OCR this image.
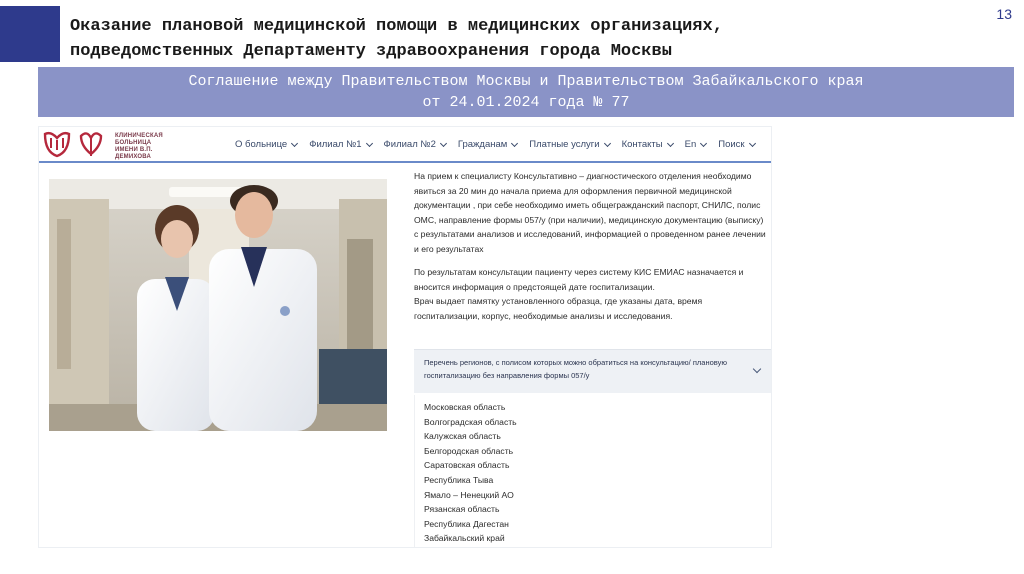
Оказание плановой медицинской помощи в медицинских организациях,
подведомственных Департаменту здравоохранения города Москвы
13
Соглашение между Правительством Москвы и Правительством Забайкальского края
от 24.01.2024 года № 77
КЛИНИЧЕСКАЯ
БОЛЬНИЦА
ИМЕНИ В.П. ДЕМИХОВА
О больнице Филиал №1 Филиал №2 Гражданам Платные услуги Контакты En Поиск

На прием к специалисту Консультативно – диагностического отделения необходимо явиться за 20 мин до начала приема для оформления первичной медицинской документации , при себе необходимо иметь общегражданский паспорт, СНИЛС, полис ОМС, направление формы 057/у (при наличии), медицинскую документацию (выписку) с результатами анализов и исследований, информацией о проведенном ранее лечении и его результатах

По результатам консультации пациенту через систему КИС ЕМИАС назначается и вносится информация о предстоящей дате госпитализации.

Врач выдает памятку установленного образца, где указаны дата, время госпитализации, корпус, необходимые анализы и исследования.

Перечень регионов, с полисом которых можно обратиться на консультацию/ плановую госпитализацию без направления формы 057/у
Московская область
Волгоградская область
Калужская область
Белгородская область
Саратовская область
Республика Тыва
Ямало – Ненецкий АО
Рязанская область
Республика Дагестан
Забайкальский край
